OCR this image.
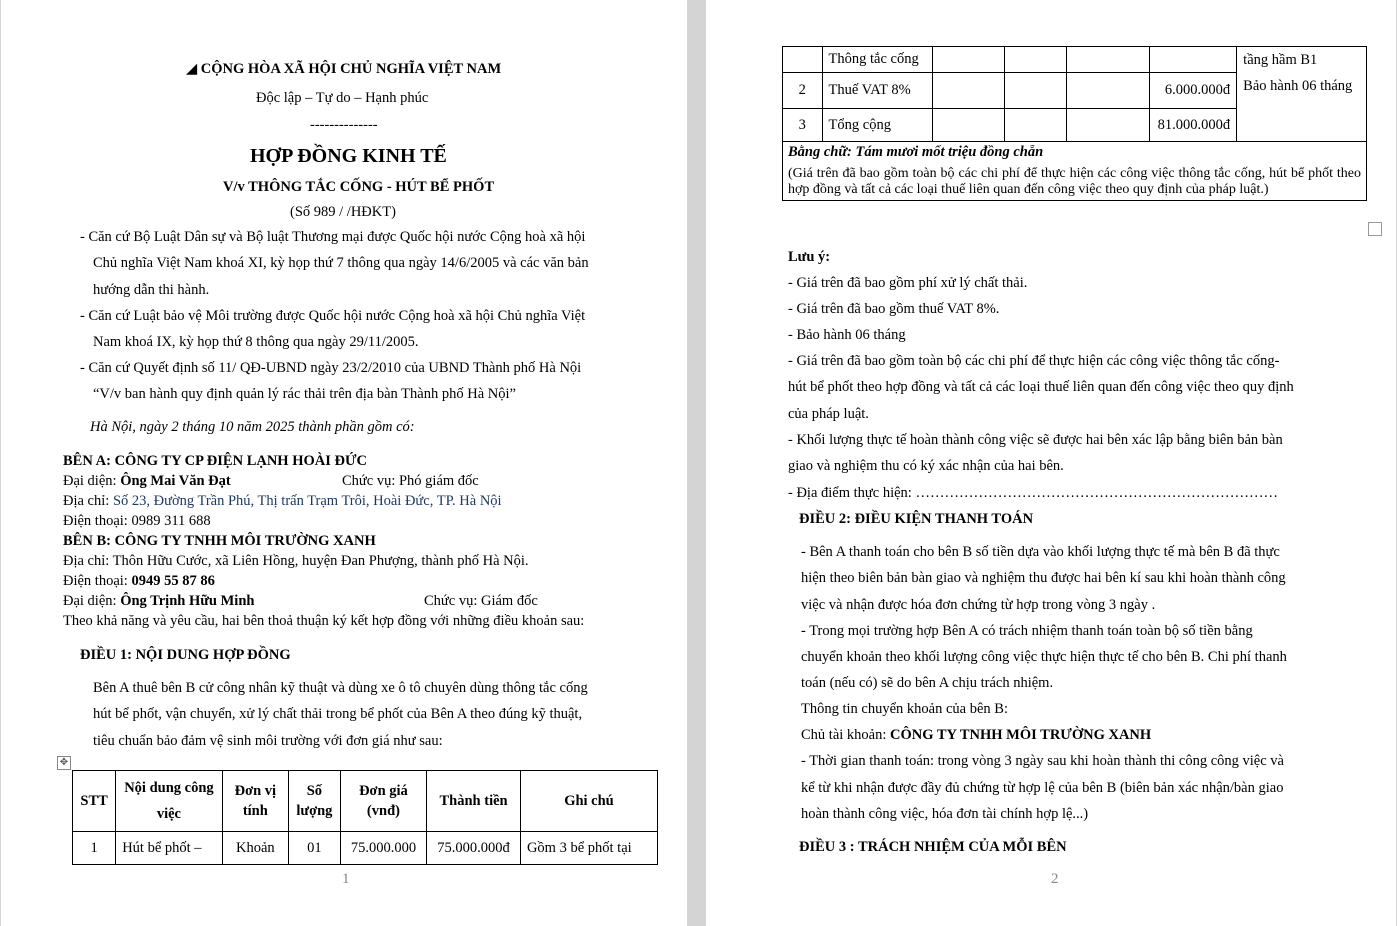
◢ CỘNG HÒA XÃ HỘI CHỦ NGHĨA VIỆT NAM
Độc lập – Tự do – Hạnh phúc
--------------
HỢP ĐỒNG KINH TẾ
V/v THÔNG TẮC CỐNG - HÚT BỂ PHỐT
(Số 989 / /HĐKT)
- Căn cứ Bộ Luật Dân sự và Bộ luật Thương mại được Quốc hội nước Cộng hoà xã hội
Chủ nghĩa Việt Nam khoá XI, kỳ họp thứ 7 thông qua ngày 14/6/2005 và các văn bản
hướng dẫn thi hành.
- Căn cứ Luật bảo vệ Môi trường được Quốc hội nước Cộng hoà xã hội Chủ nghĩa Việt
Nam khoá IX, kỳ họp thứ 8 thông qua ngày 29/11/2005.
- Căn cứ Quyết định số 11/ QĐ-UBND ngày 23/2/2010 của UBND Thành phố Hà Nội
“V/v ban hành quy định quản lý rác thải trên địa bàn Thành phố Hà Nội”
Hà Nội, ngày 2 tháng 10 năm 2025 thành phần gồm có:
BÊN A: CÔNG TY CP ĐIỆN LẠNH HOÀI ĐỨC
Đại diện: Ông Mai Văn Đạt	Chức vụ: Phó giám đốc
Địa chỉ: Số 23, Đường Trần Phú, Thị trấn Trạm Trôi, Hoài Đức, TP. Hà Nội
Điện thoại: 0989 311 688
BÊN B: CÔNG TY TNHH MÔI TRƯỜNG XANH
Địa chỉ: Thôn Hữu Cước, xã Liên Hồng, huyện Đan Phượng, thành phố Hà Nội.
Điện thoại: 0949 55 87 86
Đại diện: Ông Trịnh Hữu Minh	Chức vụ: Giám đốc
Theo khả năng và yêu cầu, hai bên thoả thuận ký kết hợp đồng với những điều khoản sau:
ĐIỀU 1: NỘI DUNG HỢP ĐỒNG
Bên A thuê bên B cử công nhân kỹ thuật và dùng xe ô tô chuyên dùng thông tắc cống
hút bể phốt, vận chuyển, xử lý chất thải trong bể phốt của Bên A theo đúng kỹ thuật,
tiêu chuẩn bảo đảm vệ sinh môi trường với đơn giá như sau:
✥
STT	Nội dung công việc	Đơn vị tính	Số lượng	Đơn giá (vnđ)	Thành tiền	Ghi chú
1	Hút bể phốt –	Khoản	01	75.000.000	75.000.000đ	Gồm 3 bể phốt tại
1
	Thông tắc cống					tầng hầm B1
Bảo hành 06 tháng

2	Thuế VAT 8%				6.000.000đ	
3	Tổng cộng				81.000.000đ	

Bằng chữ: Tám mươi mốt triệu đồng chẵn
(Giá trên đã bao gồm toàn bộ các chi phí để thực hiện các công việc thông tắc cống, hút bể phốt theo hợp đồng và tất cả các loại thuế liên quan đến công việc theo quy định của pháp luật.)						
Lưu ý:
- Giá trên đã bao gồm phí xử lý chất thải.
- Giá trên đã bao gồm thuế VAT 8%.
- Bảo hành 06 tháng
- Giá trên đã bao gồm toàn bộ các chi phí để thực hiện các công việc thông tắc cống-
hút bể phốt theo hợp đồng và tất cả các loại thuế liên quan đến công việc theo quy định
của pháp luật.
- Khối lượng thực tế hoàn thành công việc sẽ được hai bên xác lập bằng biên bản bàn
giao và nghiệm thu có ký xác nhận của hai bên.
- Địa điểm thực hiện: …………………………………………………………………
ĐIỀU 2: ĐIỀU KIỆN THANH TOÁN
- Bên A thanh toán cho bên B số tiền dựa vào khối lượng thực tế mà bên B đã thực
hiện theo biên bản bàn giao và nghiệm thu được hai bên kí sau khi hoàn thành công
việc và nhận được hóa đơn chứng từ hợp trong vòng 3 ngày .
- Trong mọi trường hợp Bên A có trách nhiệm thanh toán toàn bộ số tiền bằng
chuyển khoản theo khối lượng công việc thực hiện thực tế cho bên B. Chi phí thanh
toán (nếu có) sẽ do bên A chịu trách nhiệm.
Thông tin chuyển khoản của bên B:
Chủ tài khoản: CÔNG TY TNHH MÔI TRƯỜNG XANH
- Thời gian thanh toán: trong vòng 3 ngày sau khi hoàn thành thi công công việc và
kể từ khi nhận được đầy đủ chứng từ hợp lệ của bên B (biên bản xác nhận/bàn giao
hoàn thành công việc, hóa đơn tài chính hợp lệ...)
ĐIỀU 3 : TRÁCH NHIỆM CỦA MỖI BÊN
2
